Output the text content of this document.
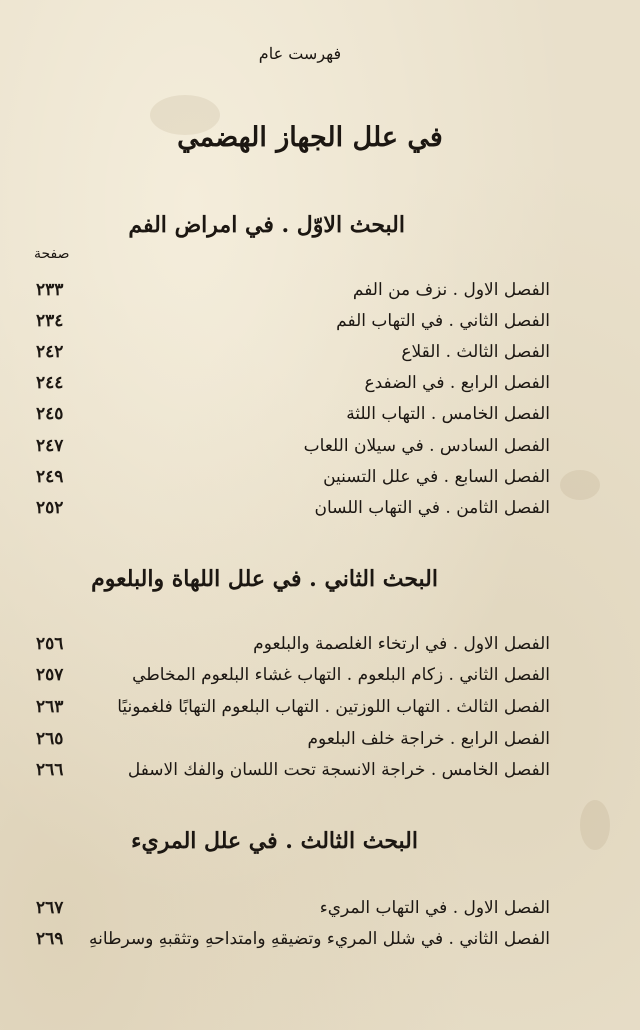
فهرست عام
في علل الجهاز الهضمي
صفحة
البحث الاوّل . في امراض الفم
الفصل الاول . نزف من الفم
٢٣٣
الفصل الثاني . في التهاب الفم
٢٣٤
الفصل الثالث . القلاع
٢٤٢
الفصل الرابع . في الضفدع
٢٤٤
الفصل الخامس . التهاب اللثة
٢٤٥
الفصل السادس . في سيلان اللعاب
٢٤٧
الفصل السابع . في علل التسنين
٢٤٩
الفصل الثامن . في التهاب اللسان
٢٥٢
البحث الثاني . في علل اللهاة والبلعوم
الفصل الاول . في ارتخاء الغلصمة والبلعوم
٢٥٦
الفصل الثاني . زكام البلعوم . التهاب غشاء البلعوم المخاطي
٢٥٧
الفصل الثالث . التهاب اللوزتين . التهاب البلعوم التهابًا فلغمونيًا
٢٦٣
الفصل الرابع . خراجة خلف البلعوم
٢٦٥
الفصل الخامس . خراجة الانسجة تحت اللسان والفك الاسفل
٢٦٦
البحث الثالث . في علل المريء
الفصل الاول . في التهاب المريء
٢٦٧
الفصل الثاني . في شلل المريء وتضيقهِ وامتداحهِ وتثقبهِ وسرطانهِ
٢٦٩
